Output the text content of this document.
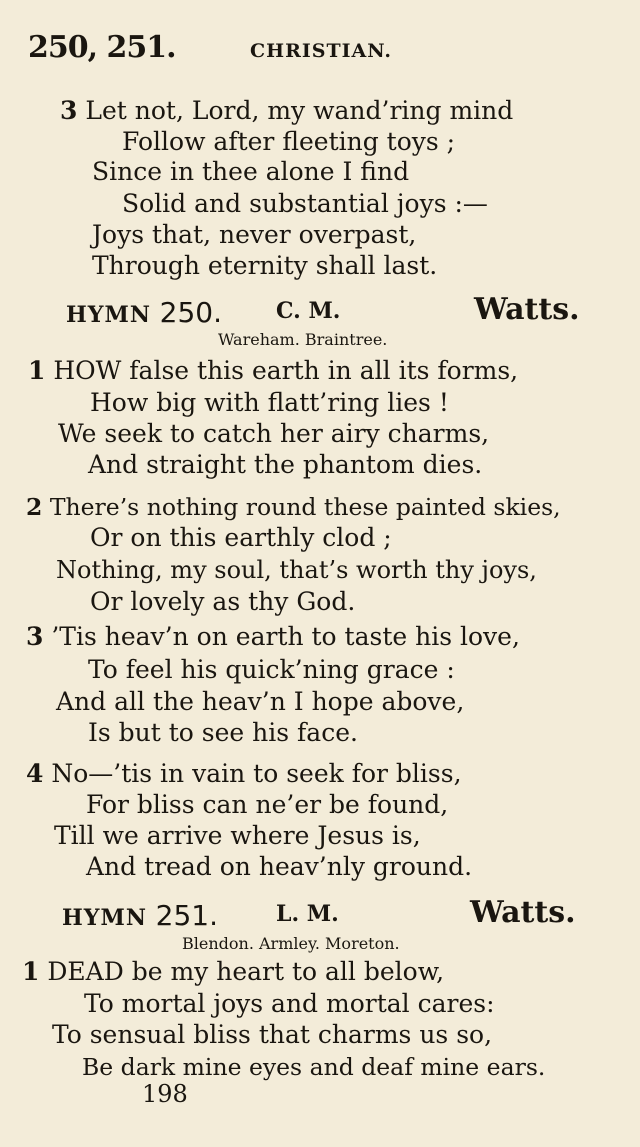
250, 251.	CHRISTIAN.
3 Let not, Lord, my wand’ring mind
Follow after fleeting toys ;
Since in thee alone I find
Solid and substantial joys :—
Joys that, never overpast,
Through eternity shall last.
HYMN 250. C. M.	Watts.
Wareham. Braintree.
1 HOW false this earth in all its forms,
How big with flatt’ring lies !
We seek to catch her airy charms,
And straight the phantom dies.
2 There’s nothing round these painted skies,
Or on this earthly clod ;
Nothing, my soul, that’s worth thy joys,
Or lovely as thy God.
3 ’Tis heav’n on earth to taste his love,
To feel his quick’ning grace :
And all the heav’n I hope above,
Is but to see his face.
4 No—’tis in vain to seek for bliss,
For bliss can ne’er be found,
Till we arrive where Jesus is,
And tread on heav’nly ground.
HYMN 251.	L. M.	Watts.
Blendon. Armley. Moreton.
1 DEAD be my heart to all below,
To mortal joys and mortal cares:
To sensual bliss that charms us so,
Be dark mine eyes and deaf mine ears.
198
